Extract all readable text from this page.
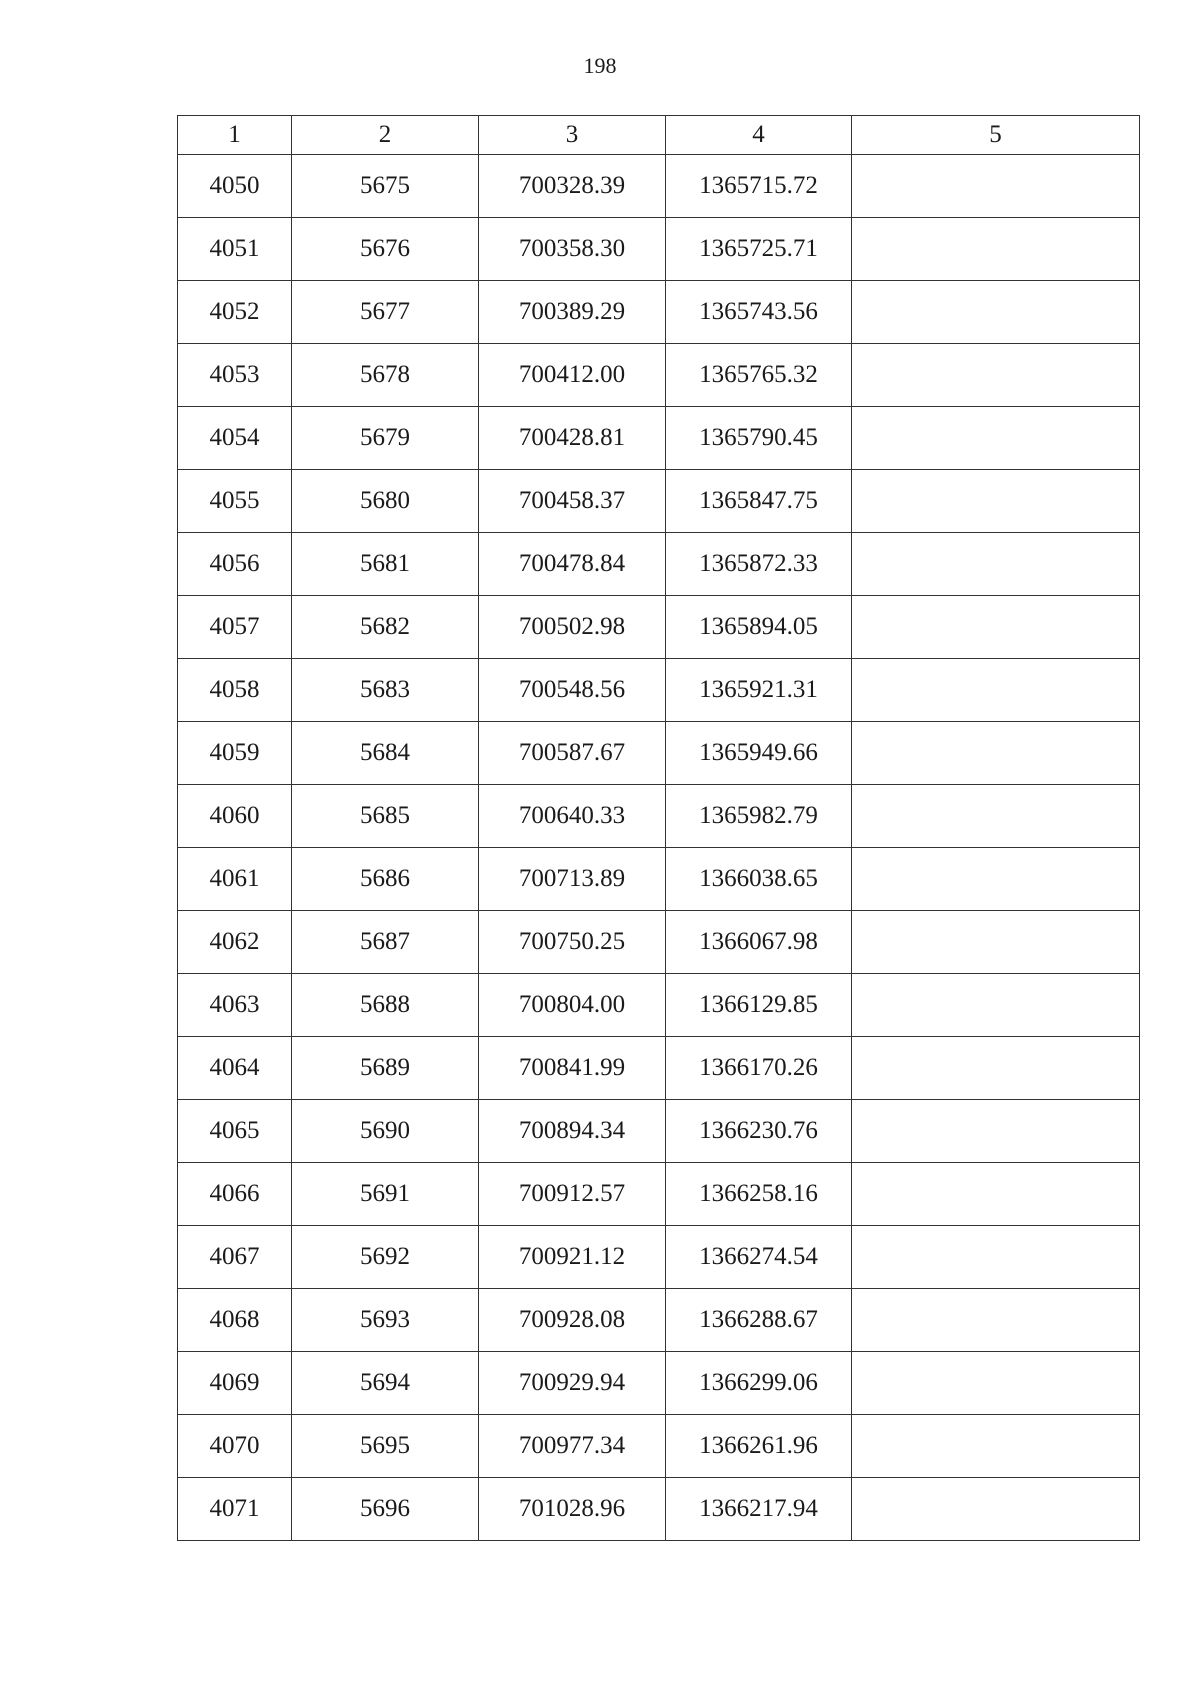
198
1	2	3	4	5
4050	5675	700328.39	1365715.72	
4051	5676	700358.30	1365725.71	
4052	5677	700389.29	1365743.56	
4053	5678	700412.00	1365765.32	
4054	5679	700428.81	1365790.45	
4055	5680	700458.37	1365847.75	
4056	5681	700478.84	1365872.33	
4057	5682	700502.98	1365894.05	
4058	5683	700548.56	1365921.31	
4059	5684	700587.67	1365949.66	
4060	5685	700640.33	1365982.79	
4061	5686	700713.89	1366038.65	
4062	5687	700750.25	1366067.98	
4063	5688	700804.00	1366129.85	
4064	5689	700841.99	1366170.26	
4065	5690	700894.34	1366230.76	
4066	5691	700912.57	1366258.16	
4067	5692	700921.12	1366274.54	
4068	5693	700928.08	1366288.67	
4069	5694	700929.94	1366299.06	
4070	5695	700977.34	1366261.96	
4071	5696	701028.96	1366217.94	
